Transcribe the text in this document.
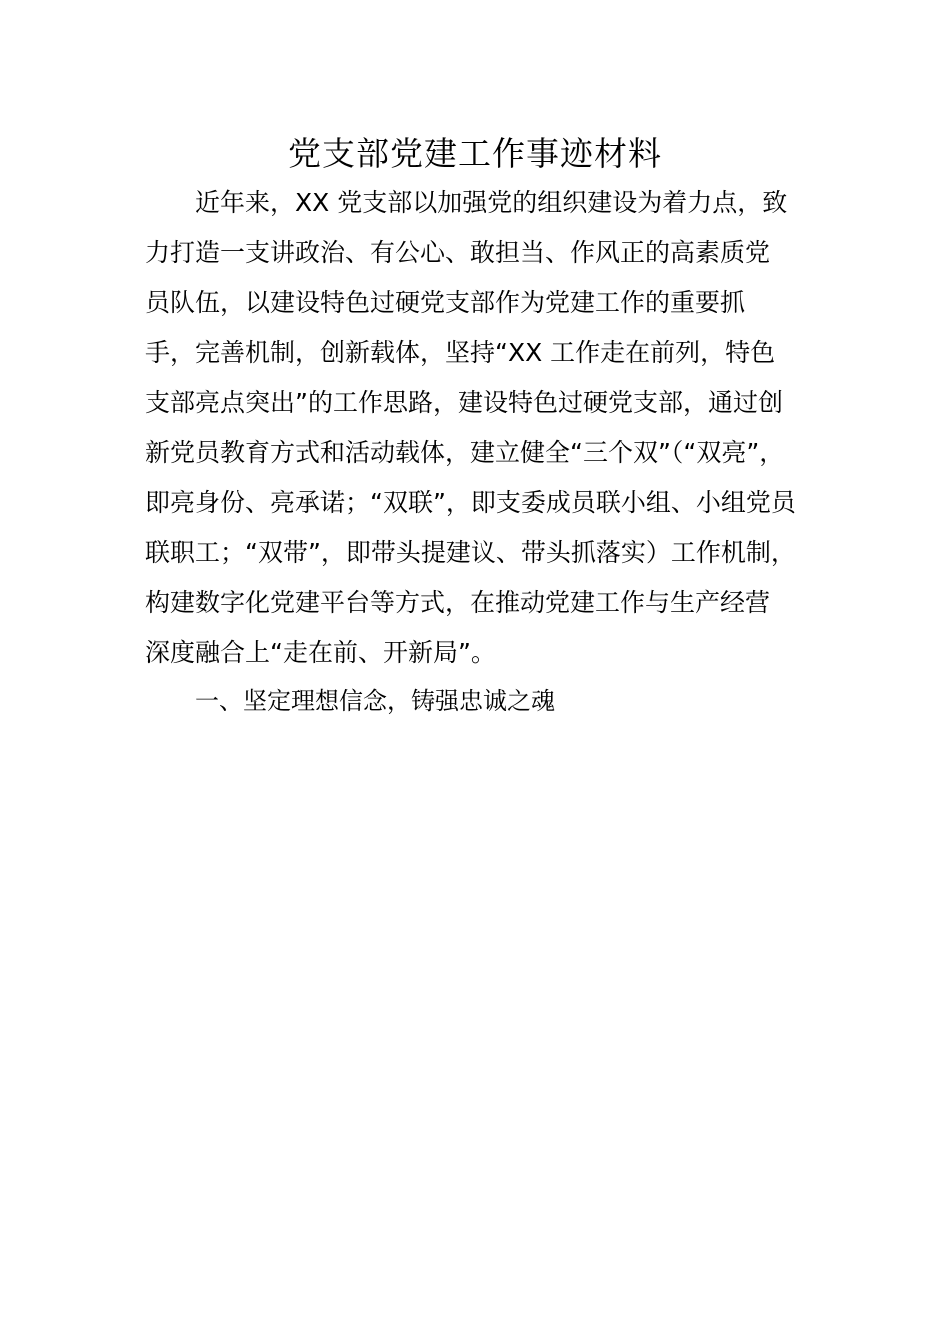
党支部党建工作事迹材料
近年来，XX 党支部以加强党的组织建设为着力点，致
力打造一支讲政治、有公心、敢担当、作风正的高素质党
员队伍，以建设特色过硬党支部作为党建工作的重要抓
手，完善机制，创新载体，坚持“XX 工作走在前列，特色
支部亮点突出”的工作思路，建设特色过硬党支部，通过创
新党员教育方式和活动载体，建立健全“三个双”（“双亮”，
即亮身份、亮承诺；“双联”，即支委成员联小组、小组党员
联职工；“双带”，即带头提建议、带头抓落实）工作机制，
构建数字化党建平台等方式，在推动党建工作与生产经营
深度融合上“走在前、开新局”。
一、坚定理想信念，铸强忠诚之魂
